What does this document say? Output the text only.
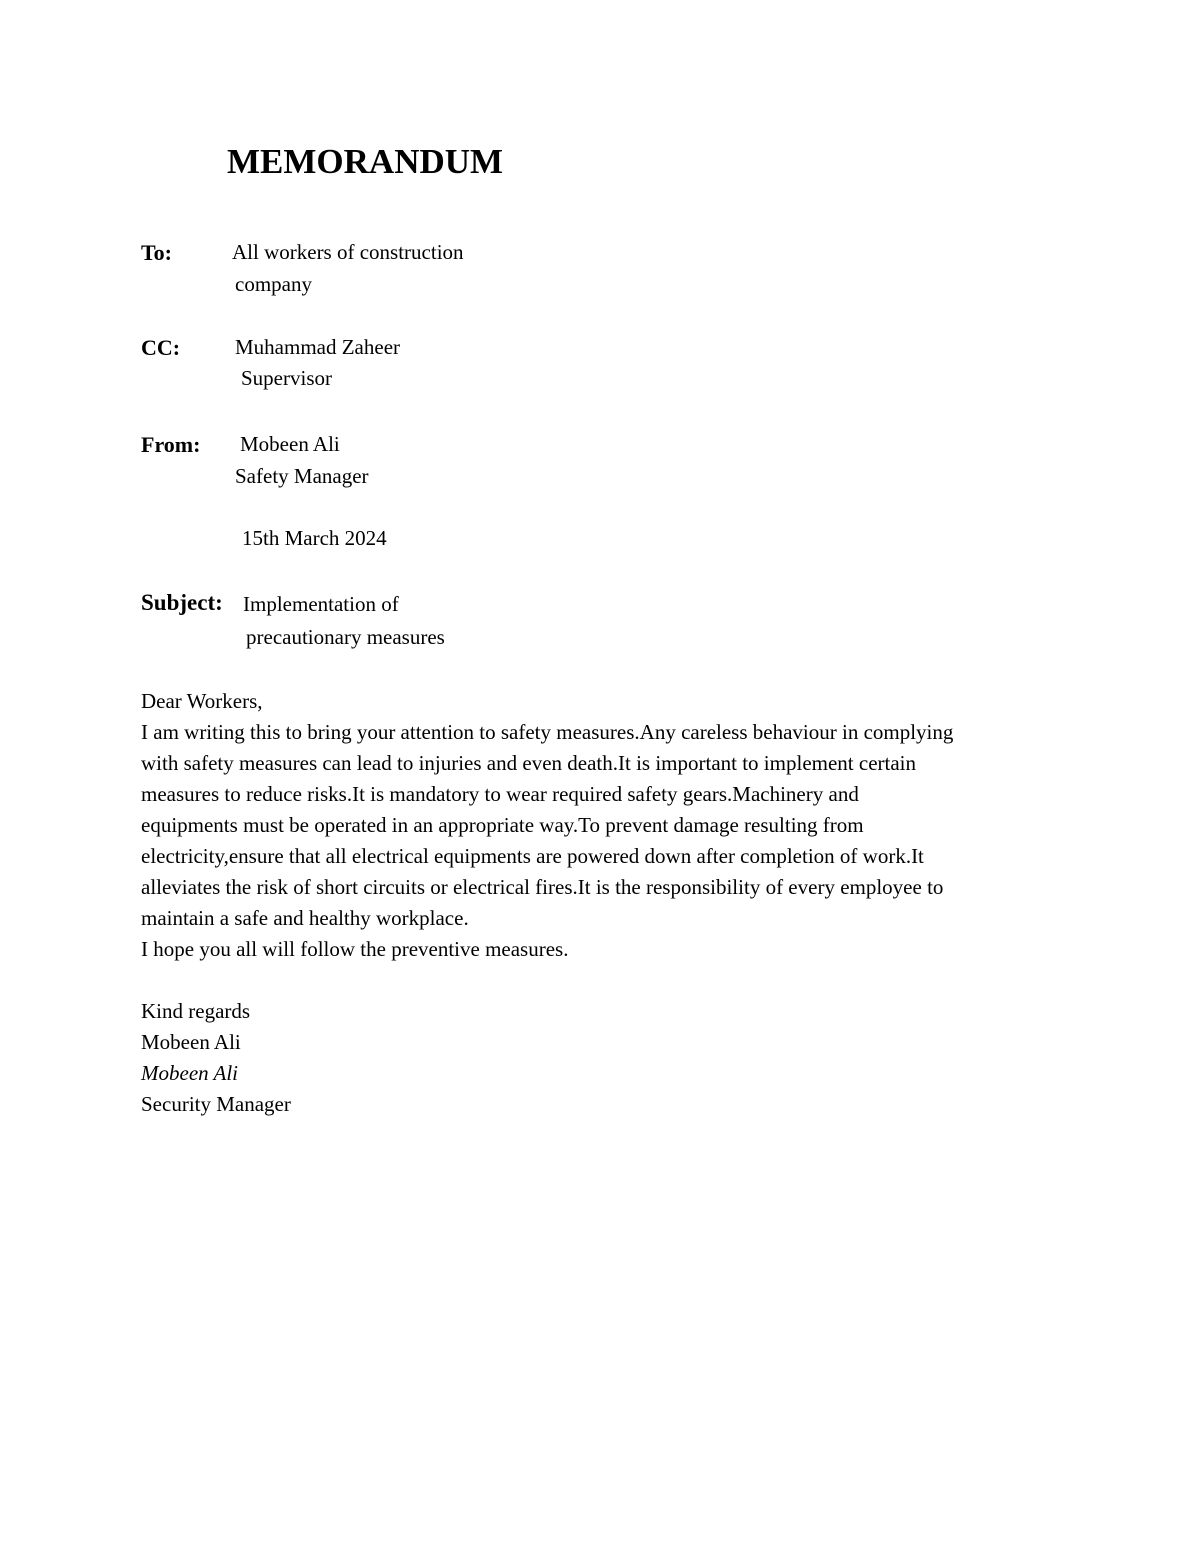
MEMORANDUM
To:	All workers of construction
company
CC:	Muhammad Zaheer
Supervisor
From: Mobeen Ali
Safety Manager
15th March 2024
Subject: Implementation of
precautionary measures
Dear Workers,
I am writing this to bring your attention to safety measures.Any careless behaviour in complying
with safety measures can lead to injuries and even death.It is important to implement certain
measures to reduce risks.It is mandatory to wear required safety gears.Machinery and
equipments must be operated in an appropriate way.To prevent damage resulting from
electricity,ensure that all electrical equipments are powered down after completion of work.It
alleviates the risk of short circuits or electrical fires.It is the responsibility of every employee to
maintain a safe and healthy workplace.
I hope you all will follow the preventive measures.
Kind regards
Mobeen Ali
Mobeen Ali
Security Manager
